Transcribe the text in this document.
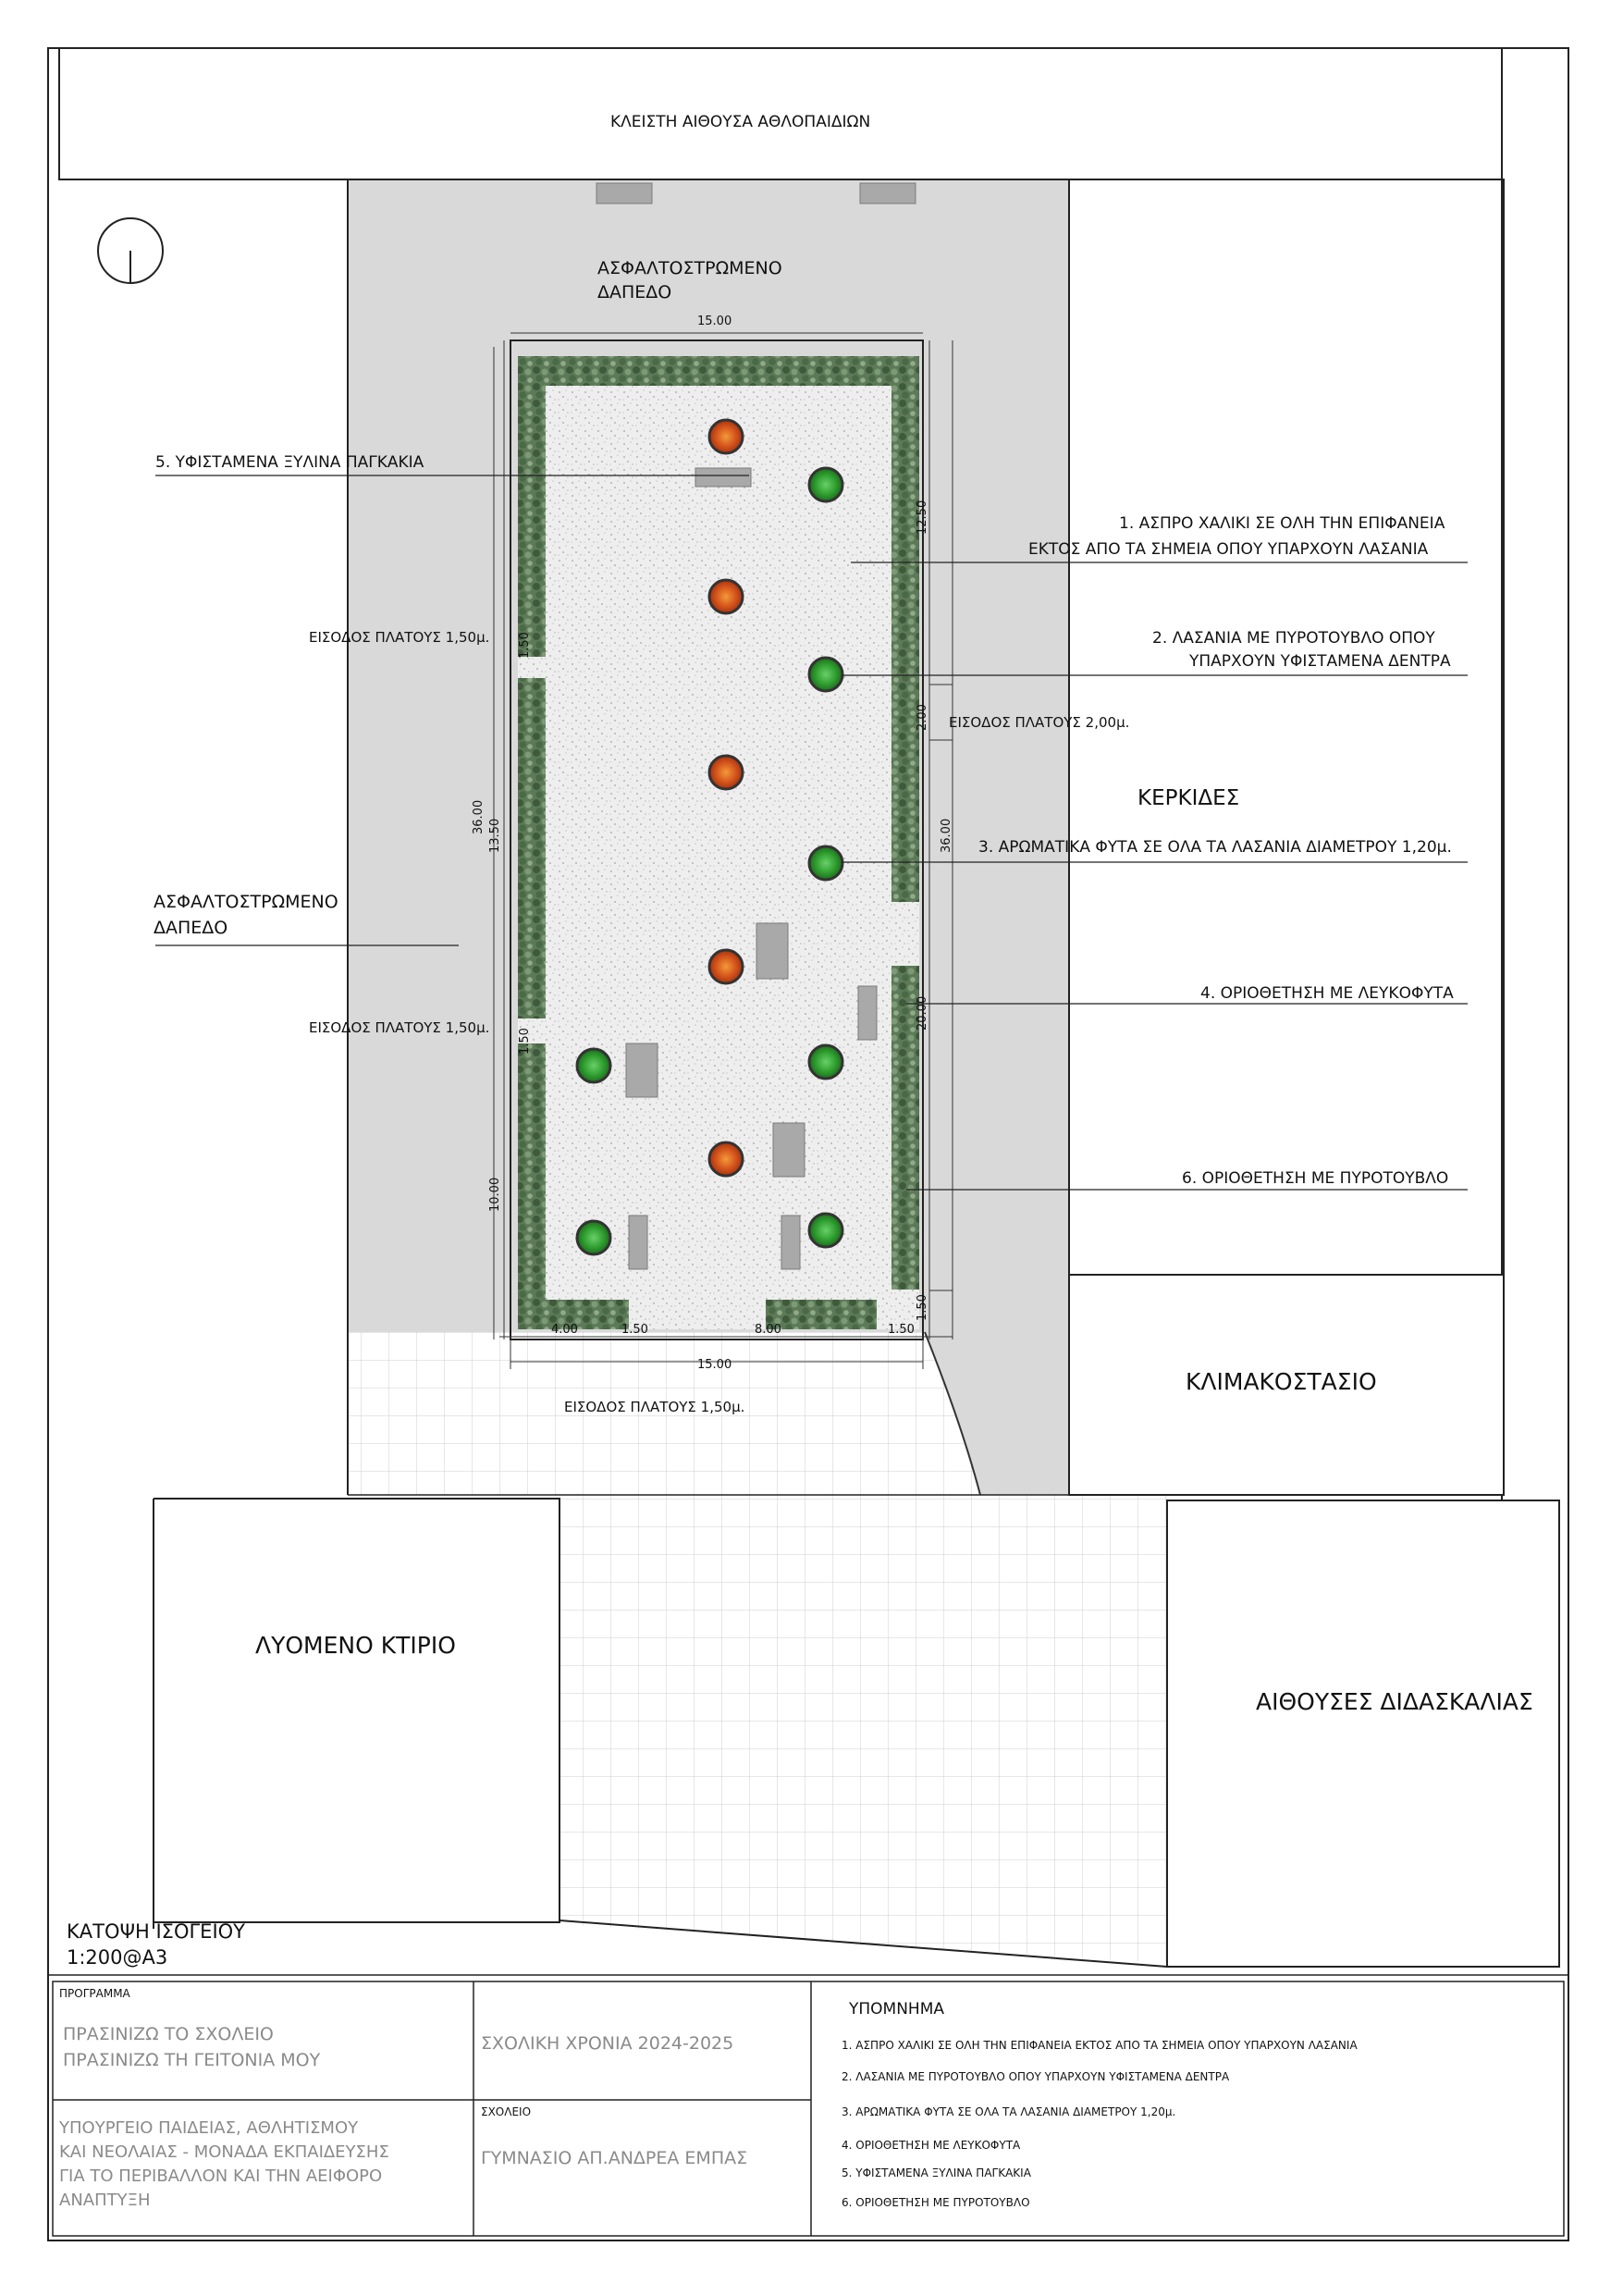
ΚΛΕΙΣΤΗ ΑΙΘΟΥΣΑ ΑΘΛΟΠΑΙΔΙΩΝ
ΑΣΦΑΛΤΟΣΤΡΩΜΕΝΟ
ΔΑΠΕΔΟ
ΑΣΦΑΛΤΟΣΤΡΩΜΕΝΟ
ΔΑΠΕΔΟ
ΚΕΡΚΙΔΕΣ
ΚΛΙΜΑΚΟΣΤΑΣΙΟ
ΛΥΟΜΕΝΟ ΚΤΙΡΙΟ
ΑΙΘΟΥΣΕΣ ΔΙΔΑΣΚΑΛΙΑΣ
ΕΙΣΟΔΟΣ ΠΛΑΤΟΥΣ 1,50μ.
ΕΙΣΟΔΟΣ ΠΛΑΤΟΥΣ 1,50μ.
ΕΙΣΟΔΟΣ ΠΛΑΤΟΥΣ 2,00μ.
ΕΙΣΟΔΟΣ ΠΛΑΤΟΥΣ 1,50μ.
1. ΑΣΠΡΟ ΧΑΛΙΚΙ ΣΕ ΟΛΗ ΤΗΝ ΕΠΙΦΑΝΕΙΑ
ΕΚΤΟΣ ΑΠΟ ΤΑ ΣΗΜΕΙΑ ΟΠΟΥ ΥΠΑΡΧΟΥΝ ΛΑΣΑΝΙΑ
2. ΛΑΣΑΝΙΑ ΜΕ ΠΥΡΟΤΟΥΒΛΟ ΟΠΟΥ
ΥΠΑΡΧΟΥΝ ΥΦΙΣΤΑΜΕΝΑ ΔΕΝΤΡΑ
3. ΑΡΩΜΑΤΙΚΑ ΦΥΤΑ ΣΕ ΟΛΑ ΤΑ ΛΑΣΑΝΙΑ ΔΙΑΜΕΤΡΟΥ 1,20μ.
4. ΟΡΙΟΘΕΤΗΣΗ ΜΕ ΛΕΥΚΟΦΥΤΑ
5. ΥΦΙΣΤΑΜΕΝΑ ΞΥΛΙΝΑ ΠΑΓΚΑΚΙΑ
6. ΟΡΙΟΘΕΤΗΣΗ ΜΕ ΠΥΡΟΤΟΥΒΛΟ
15.00
15.00
36.00
13.50
1.50
1.50
10.00
36.00
12.50
2.00
20.00
1.50
4.00	1.50	8.00	1.50
ΚΑΤΟΨΗ ΙΣΟΓΕΙΟΥ
1:200@A3
ΠΡΟΓΡΑΜΜΑ
ΠΡΑΣΙΝΙΖΩ ΤΟ ΣΧΟΛΕΙΟ
ΠΡΑΣΙΝΙΖΩ ΤΗ ΓΕΙΤΟΝΙΑ ΜΟΥ
ΣΧΟΛΙΚΗ ΧΡΟΝΙΑ 2024-2025
ΥΠΟΥΡΓΕΙΟ ΠΑΙΔΕΙΑΣ, ΑΘΛΗΤΙΣΜΟΥ
ΚΑΙ ΝΕΟΛΑΙΑΣ - ΜΟΝΑΔΑ ΕΚΠΑΙΔΕΥΣΗΣ
ΓΙΑ ΤΟ ΠΕΡΙΒΑΛΛΟΝ ΚΑΙ ΤΗΝ ΑΕΙΦΟΡΟ
ΑΝΑΠΤΥΞΗ
ΣΧΟΛΕΙΟ
ΓΥΜΝΑΣΙΟ ΑΠ.ΑΝΔΡΕΑ ΕΜΠΑΣ
ΥΠΟΜΝΗΜΑ
1. ΑΣΠΡΟ ΧΑΛΙΚΙ ΣΕ ΟΛΗ ΤΗΝ ΕΠΙΦΑΝΕΙΑ ΕΚΤΟΣ ΑΠΟ ΤΑ ΣΗΜΕΙΑ ΟΠΟΥ ΥΠΑΡΧΟΥΝ ΛΑΣΑΝΙΑ
2. ΛΑΣΑΝΙΑ ΜΕ ΠΥΡΟΤΟΥΒΛΟ ΟΠΟΥ ΥΠΑΡΧΟΥΝ ΥΦΙΣΤΑΜΕΝΑ ΔΕΝΤΡΑ
3. ΑΡΩΜΑΤΙΚΑ ΦΥΤΑ ΣΕ ΟΛΑ ΤΑ ΛΑΣΑΝΙΑ ΔΙΑΜΕΤΡΟΥ 1,20μ.
4. ΟΡΙΟΘΕΤΗΣΗ ΜΕ ΛΕΥΚΟΦΥΤΑ
5. ΥΦΙΣΤΑΜΕΝΑ ΞΥΛΙΝΑ ΠΑΓΚΑΚΙΑ
6. ΟΡΙΟΘΕΤΗΣΗ ΜΕ ΠΥΡΟΤΟΥΒΛΟ
